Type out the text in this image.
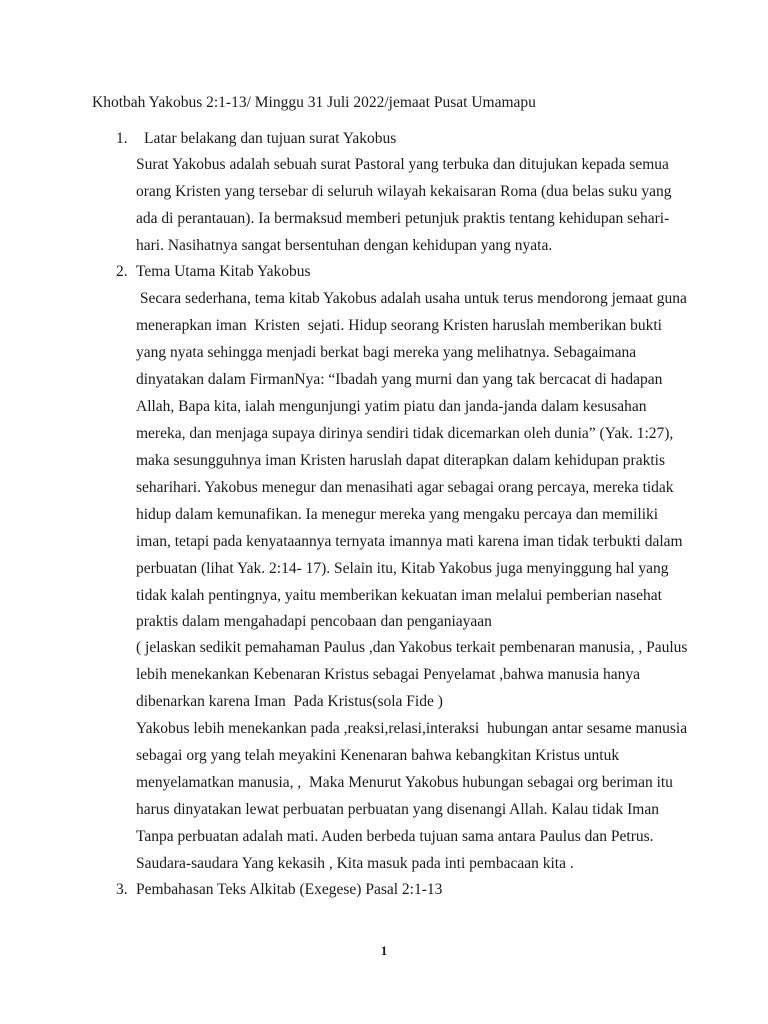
Khotbah Yakobus 2:1-13/ Minggu 31 Juli 2022/jemaat Pusat Umamapu
1. Latar belakang dan tujuan surat Yakobus
Surat Yakobus adalah sebuah surat Pastoral yang terbuka dan ditujukan kepada semua
orang Kristen yang tersebar di seluruh wilayah kekaisaran Roma (dua belas suku yang
ada di perantauan). Ia bermaksud memberi petunjuk praktis tentang kehidupan sehari-
hari. Nasihatnya sangat bersentuhan dengan kehidupan yang nyata.
2. Tema Utama Kitab Yakobus
Secara sederhana, tema kitab Yakobus adalah usaha untuk terus mendorong jemaat guna
menerapkan iman  Kristen  sejati. Hidup seorang Kristen haruslah memberikan bukti
yang nyata sehingga menjadi berkat bagi mereka yang melihatnya. Sebagaimana
dinyatakan dalam FirmanNya: “Ibadah yang murni dan yang tak bercacat di hadapan
Allah, Bapa kita, ialah mengunjungi yatim piatu dan janda-janda dalam kesusahan
mereka, dan menjaga supaya dirinya sendiri tidak dicemarkan oleh dunia” (Yak. 1:27),
maka sesungguhnya iman Kristen haruslah dapat diterapkan dalam kehidupan praktis
seharihari. Yakobus menegur dan menasihati agar sebagai orang percaya, mereka tidak
hidup dalam kemunafikan. Ia menegur mereka yang mengaku percaya dan memiliki
iman, tetapi pada kenyataannya ternyata imannya mati karena iman tidak terbukti dalam
perbuatan (lihat Yak. 2:14- 17). Selain itu, Kitab Yakobus juga menyinggung hal yang
tidak kalah pentingnya, yaitu memberikan kekuatan iman melalui pemberian nasehat
praktis dalam mengahadapi pencobaan dan penganiayaan
( jelaskan sedikit pemahaman Paulus ,dan Yakobus terkait pembenaran manusia, , Paulus
lebih menekankan Kebenaran Kristus sebagai Penyelamat ,bahwa manusia hanya
dibenarkan karena Iman  Pada Kristus(sola Fide )
Yakobus lebih menekankan pada ,reaksi,relasi,interaksi  hubungan antar sesame manusia
sebagai org yang telah meyakini Kenenaran bahwa kebangkitan Kristus untuk
menyelamatkan manusia, ,  Maka Menurut Yakobus hubungan sebagai org beriman itu
harus dinyatakan lewat perbuatan perbuatan yang disenangi Allah. Kalau tidak Iman
Tanpa perbuatan adalah mati. Auden berbeda tujuan sama antara Paulus dan Petrus.
Saudara-saudara Yang kekasih , Kita masuk pada inti pembacaan kita .
3. Pembahasan Teks Alkitab (Exegese) Pasal 2:1-13
1
